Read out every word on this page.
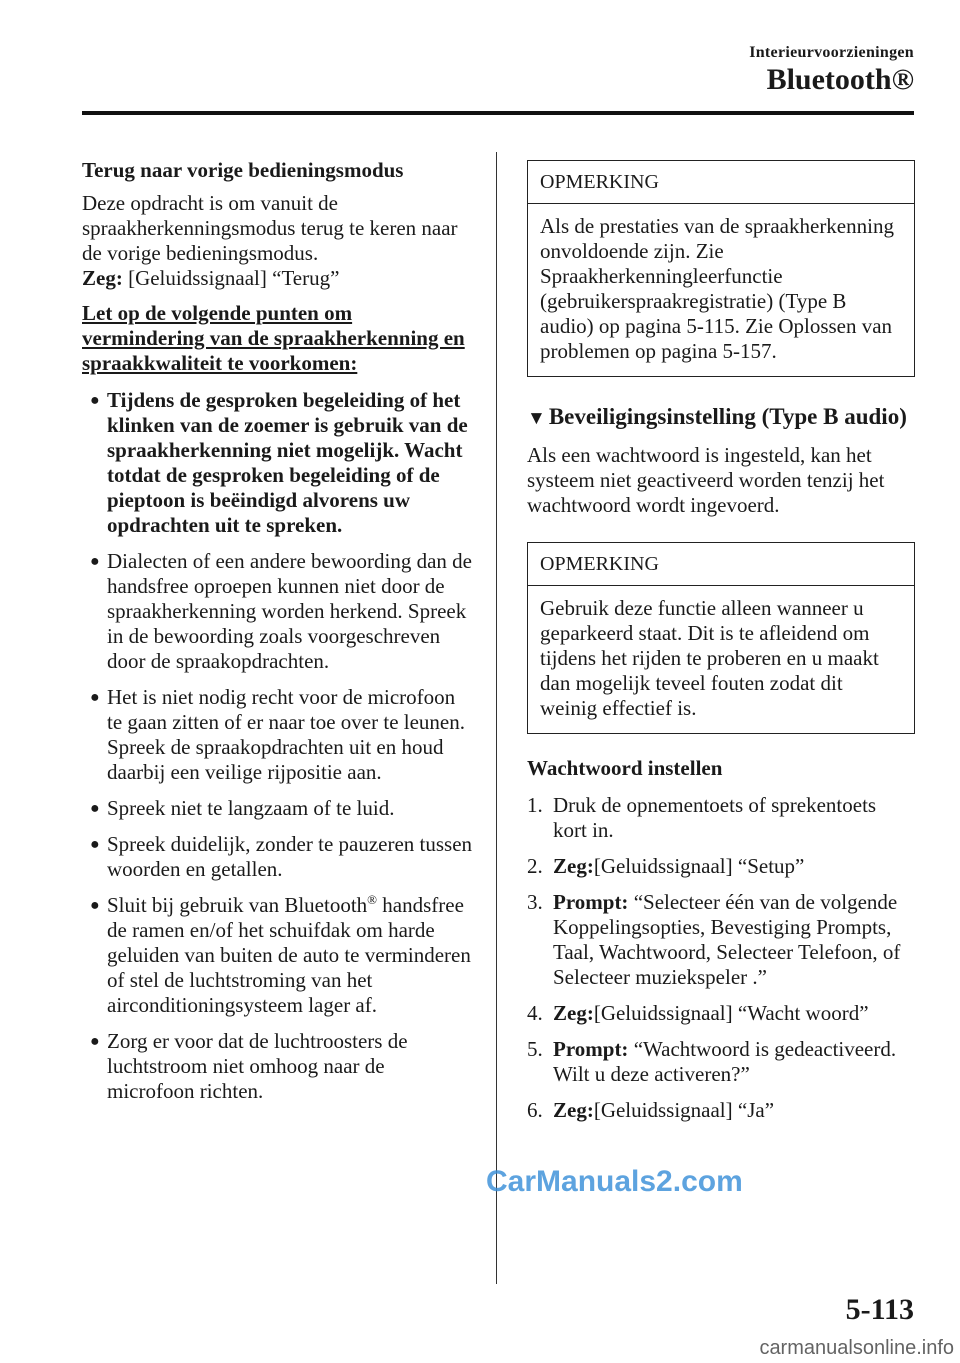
Interieurvoorzieningen
Bluetooth®
Terug naar vorige bedieningsmodus

Deze opdracht is om vanuit de spraakherkenningsmodus terug te keren naar de vorige bedieningsmodus.

Zeg: [Geluidssignaal] “Terug”

Let op de volgende punten om vermindering van de spraakherkenning en spraakkwaliteit te voorkomen:
● Tijdens de gesproken begeleiding of het klinken van de zoemer is gebruik van de spraakherkenning niet mogelijk. Wacht totdat de gesproken begeleiding of de pieptoon is beëindigd alvorens uw opdrachten uit te spreken.
● Dialecten of een andere bewoording dan de handsfree oproepen kunnen niet door de spraakherkenning worden herkend. Spreek in de bewoording zoals voorgeschreven door de spraakopdrachten.
● Het is niet nodig recht voor de microfoon te gaan zitten of er naar toe over te leunen. Spreek de spraakopdrachten uit en houd daarbij een veilige rijpositie aan.
● Spreek niet te langzaam of te luid.
● Spreek duidelijk, zonder te pauzeren tussen woorden en getallen.
● Sluit bij gebruik van Bluetooth® handsfree de ramen en/of het schuifdak om harde geluiden van buiten de auto te verminderen of stel de luchtstroming van het airconditioningsysteem lager af.
● Zorg er voor dat de luchtroosters de luchtstroom niet omhoog naar de microfoon richten.
OPMERKING
Als de prestaties van de spraakherkenning onvoldoende zijn. Zie Spraakherkenningleerfunctie (gebruikerspraakregistratie) (Type B audio) op pagina 5-115. Zie Oplossen van problemen op pagina 5-157.
▼ Beveiligingsinstelling (Type B audio)

Als een wachtwoord is ingesteld, kan het systeem niet geactiveerd worden tenzij het wachtwoord wordt ingevoerd.

OPMERKING
Gebruik deze functie alleen wanneer u geparkeerd staat. Dit is te afleidend om tijdens het rijden te proberen en u maakt dan mogelijk teveel fouten zodat dit weinig effectief is.
Wachtwoord instellen
1. Druk de opnementoets of sprekentoets kort in.
2. Zeg:[Geluidssignaal] “Setup”
3. Prompt: “Selecteer één van de volgende Koppelingsopties, Bevestiging Prompts, Taal, Wachtwoord, Selecteer Telefoon, of Selecteer muziekspeler .”
4. Zeg:[Geluidssignaal] “Wacht woord”
5. Prompt: “Wachtwoord is gedeactiveerd. Wilt u deze activeren?”
6. Zeg:[Geluidssignaal] “Ja”
CarManuals2.com
5-113
carmanualsonline.info
